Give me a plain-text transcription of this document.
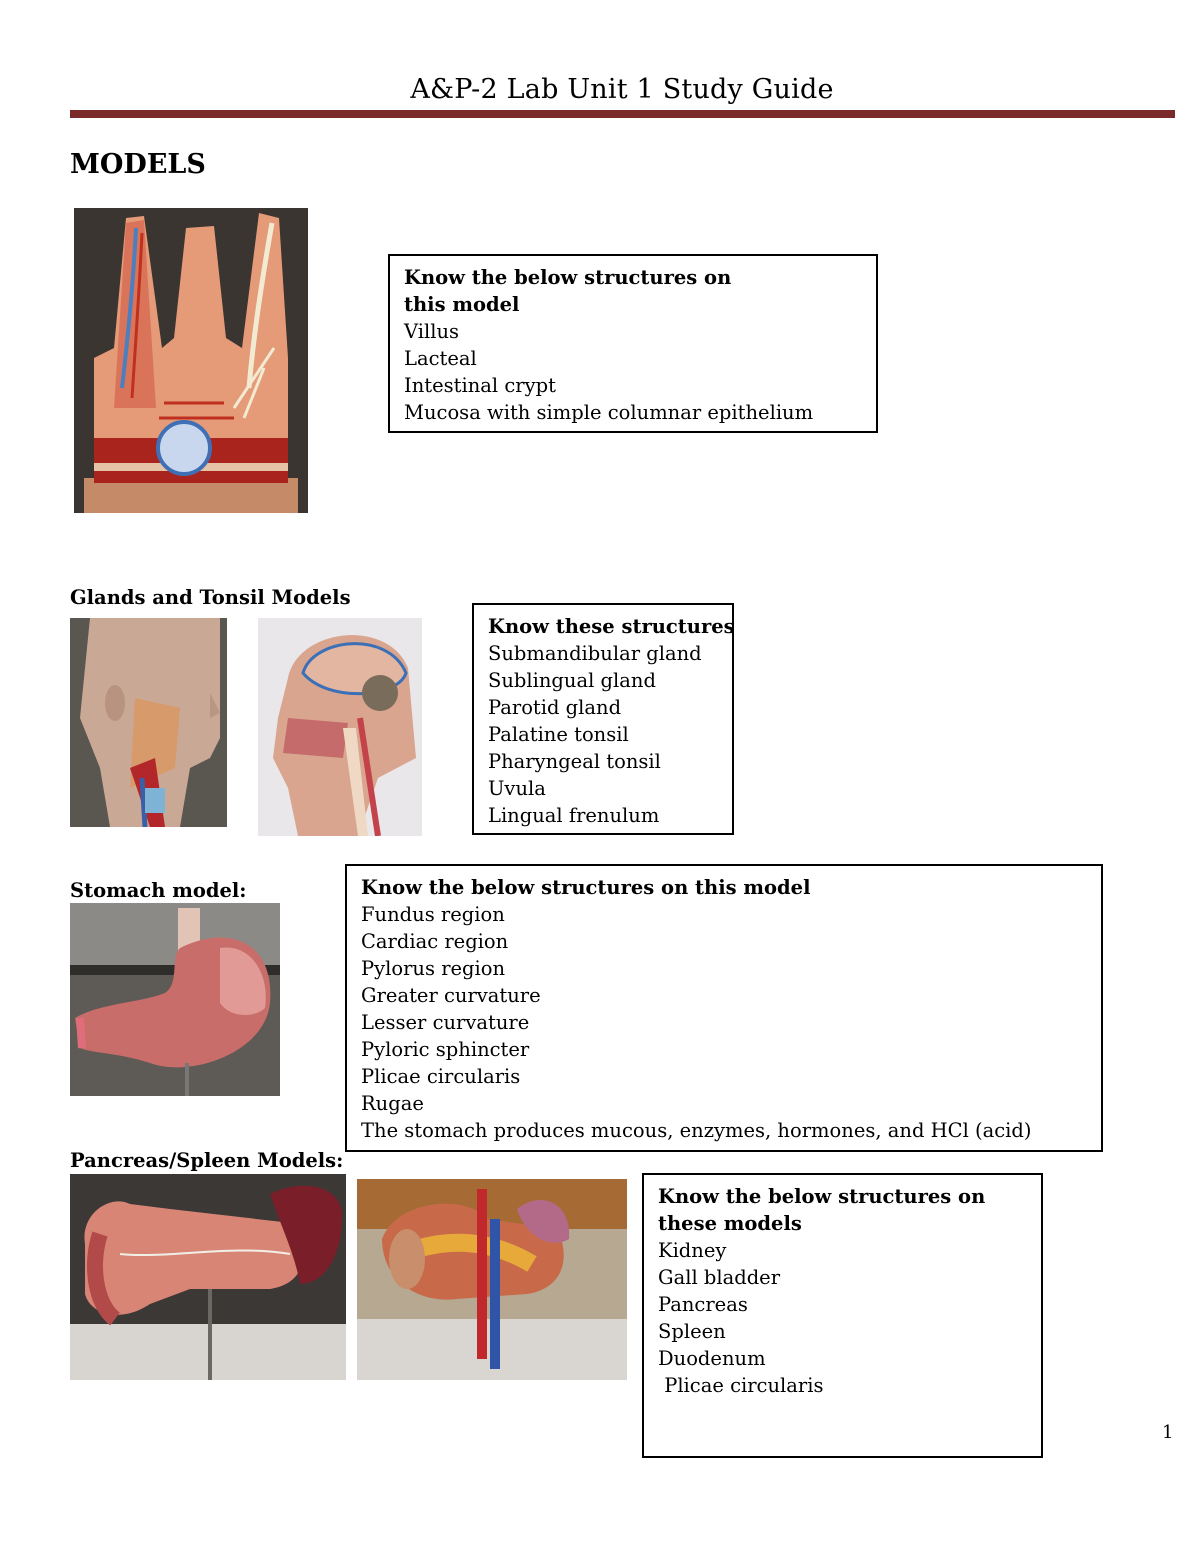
A&P-2 Lab Unit 1 Study Guide
MODELS
Know the below structures on this model
Villus
Lacteal
Intestinal crypt
Mucosa with simple columnar epithelium
Glands and Tonsil Models
Know these structures
Submandibular gland
Sublingual gland
Parotid gland
Palatine tonsil
Pharyngeal tonsil
Uvula
Lingual frenulum
Stomach model:	Know the below structures on this model
Fundus region
Cardiac region
Pylorus region
Greater curvature
Lesser curvature
Pyloric sphincter
Plicae circularis
Rugae
The stomach produces mucous, enzymes, hormones, and HCl (acid)
Pancreas/Spleen Models:
Know the below structures on these models
Kidney
Gall bladder
Pancreas
Spleen
Duodenum
Plicae circularis
1
